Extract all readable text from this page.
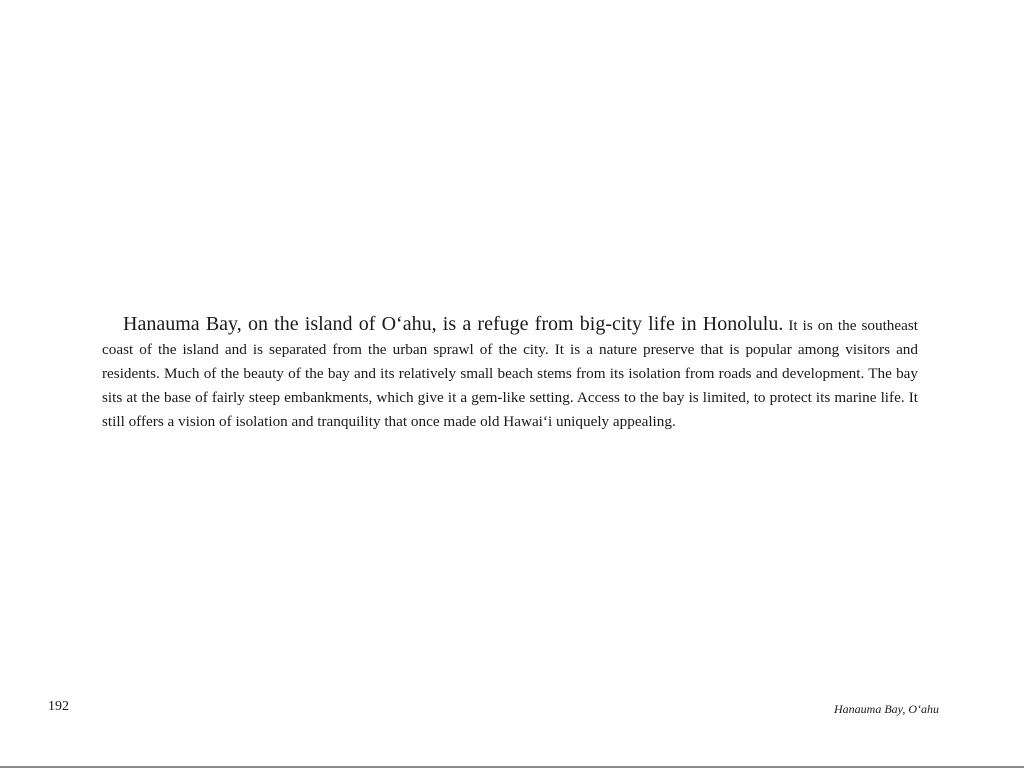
Hanauma Bay, on the island of O‘ahu, is a refuge from big-city life in Honolulu. It is on the southeast coast of the island and is separated from the urban sprawl of the city. It is a nature preserve that is popular among visitors and residents. Much of the beauty of the bay and its relatively small beach stems from its isolation from roads and development. The bay sits at the base of fairly steep embankments, which give it a gem-like setting. Access to the bay is limited, to protect its marine life. It still offers a vision of isolation and tranquility that once made old Hawai‘i uniquely appealing.

192	Hanauma Bay, O‘ahu
